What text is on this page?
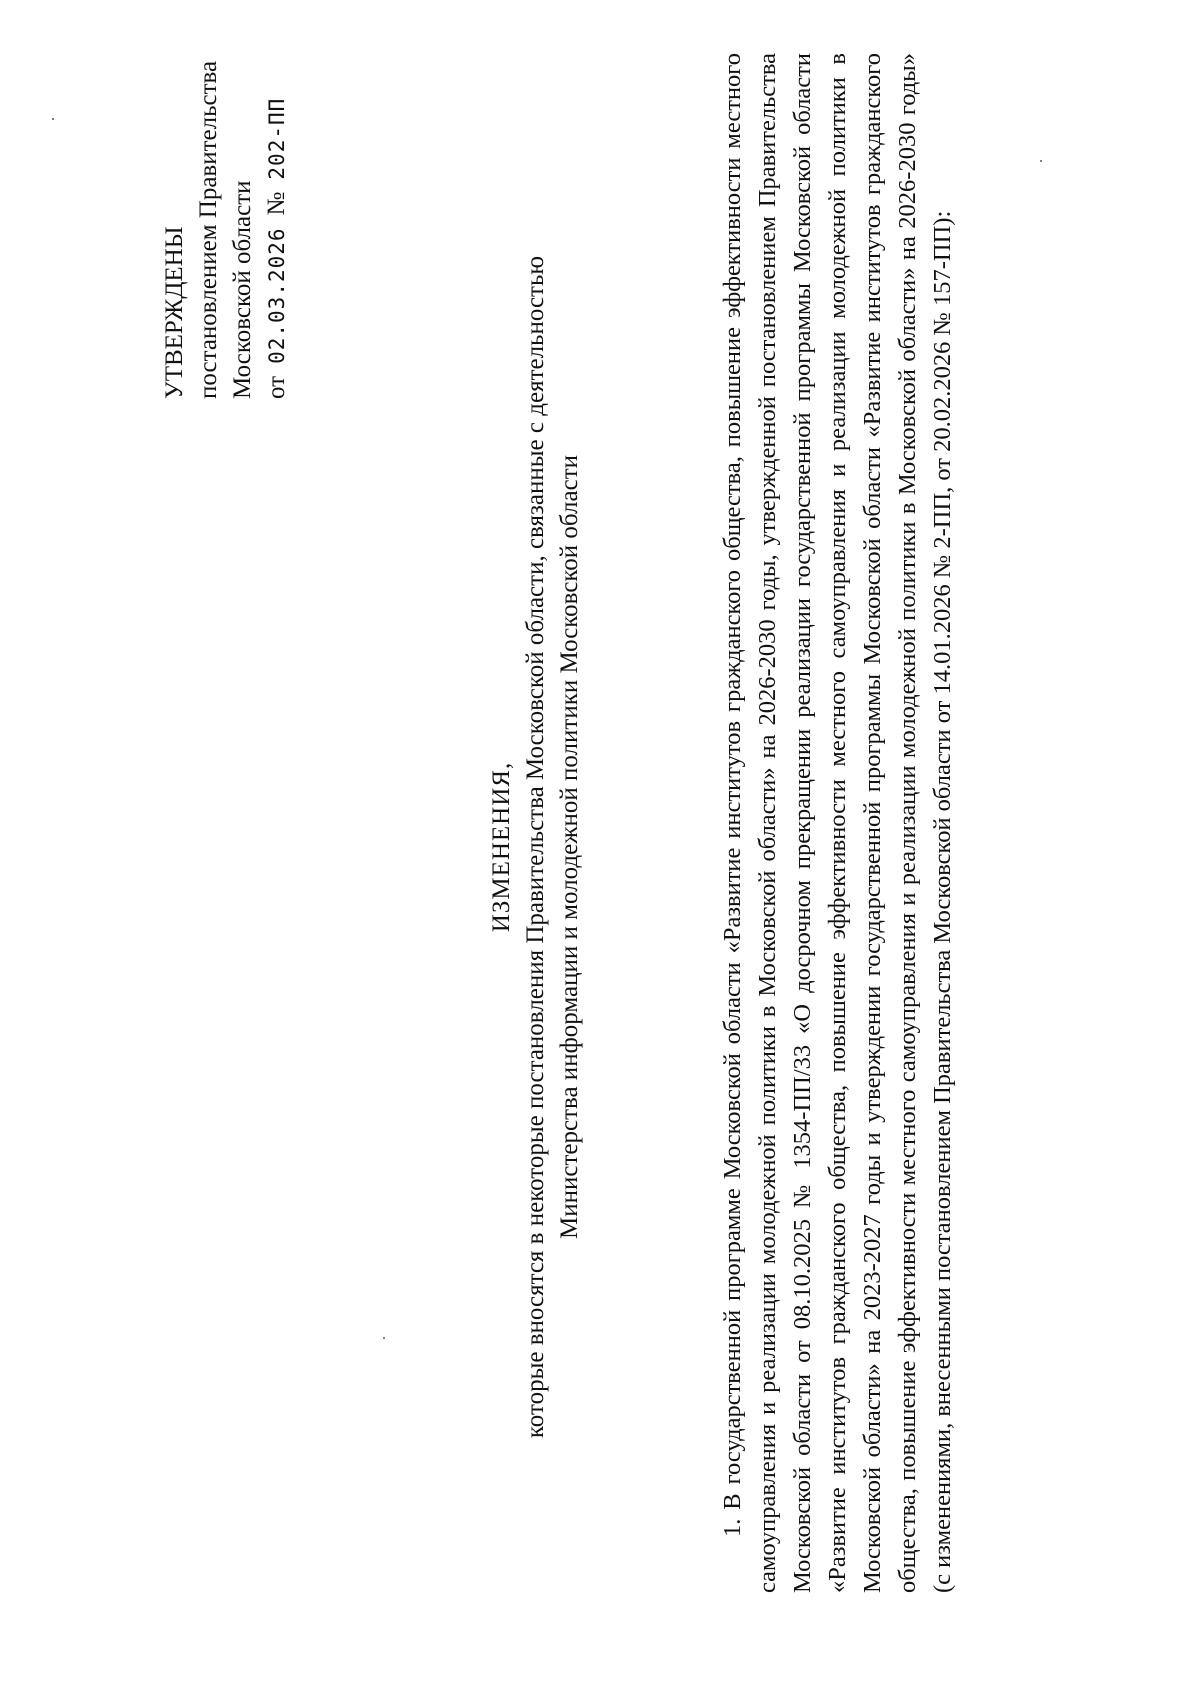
УТВЕРЖДЕНЫ постановлением Правительства Московской области от
02.03.2026
№
202-ПП
ИЗМЕНЕНИЯ, которые вносятся в некоторые постановления Правительства Московской области, связанные с деятельностью Министерства информации и молодежной политики Московской области	1. В государственной программе Московской области «Развитие институтов гражданского общества, повышение эффективности местного самоуправления и реализации молодежной политики в Московской области» на 2026-2030 годы, утвержденной постановлением Правительства Московской области от 08.10.2025 № 1354-ПП/33 «О досрочном прекращении реализации государственной программы Московской области «Развитие институтов гражданского общества, повышение эффективности местного самоуправления и реализации молодежной политики в Московской области» на 2023-2027 годы и утверждении государственной программы Московской области «Развитие институтов гражданского общества, повышение эффективности местного самоуправления и реализации молодежной политики в Московской области» на 2026-2030 годы» (с изменениями, внесенными постановлением Правительства Московской области от 14.01.2026 № 2-ПП, от 20.02.2026 № 157-ПП):
